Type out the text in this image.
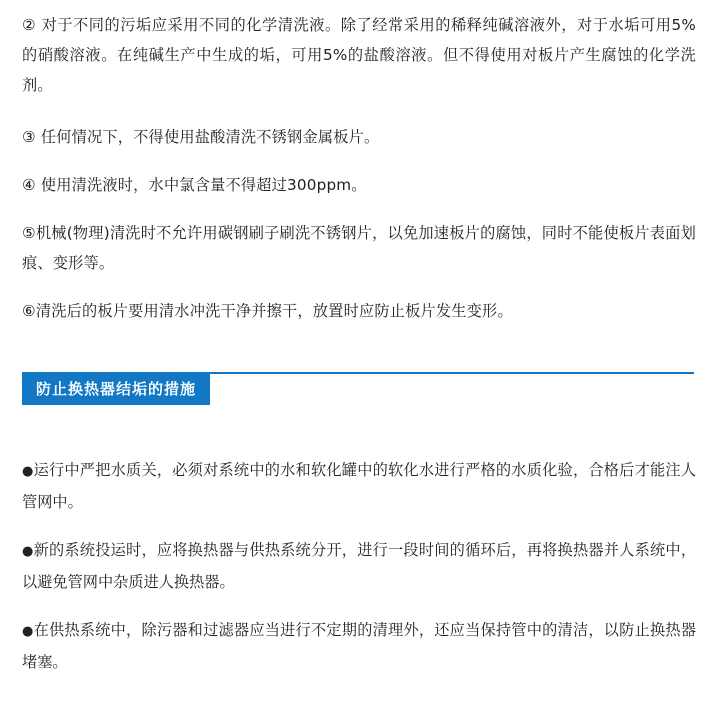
② 对于不同的污垢应采用不同的化学清洗液。除了经常采用的稀释纯碱溶液外，对于水垢可用5%的硝酸溶液。在纯碱生产中生成的垢，可用5%的盐酸溶液。但不得使用对板片产生腐蚀的化学洗剂。

③ 任何情况下，不得使用盐酸清洗不锈钢金属板片。

④ 使用清洗液时，水中氯含量不得超过300ppm。

⑤机械(物理)清洗时不允许用碳钢刷子刷洗不锈钢片，以免加速板片的腐蚀，同时不能使板片表面划痕、变形等。

⑥清洗后的板片要用清水冲洗干净并擦干，放置时应防止板片发生变形。

防止换热器结垢的措施

●运行中严把水质关，必须对系统中的水和软化罐中的软化水进行严格的水质化验，合格后才能注人管网中。

●新的系统投运时，应将换热器与供热系统分开，进行一段时间的循环后，再将换热器并人系统中，以避免管网中杂质进人换热器。

●在供热系统中，除污器和过滤器应当进行不定期的清理外，还应当保持管中的清洁，以防止换热器堵塞。
